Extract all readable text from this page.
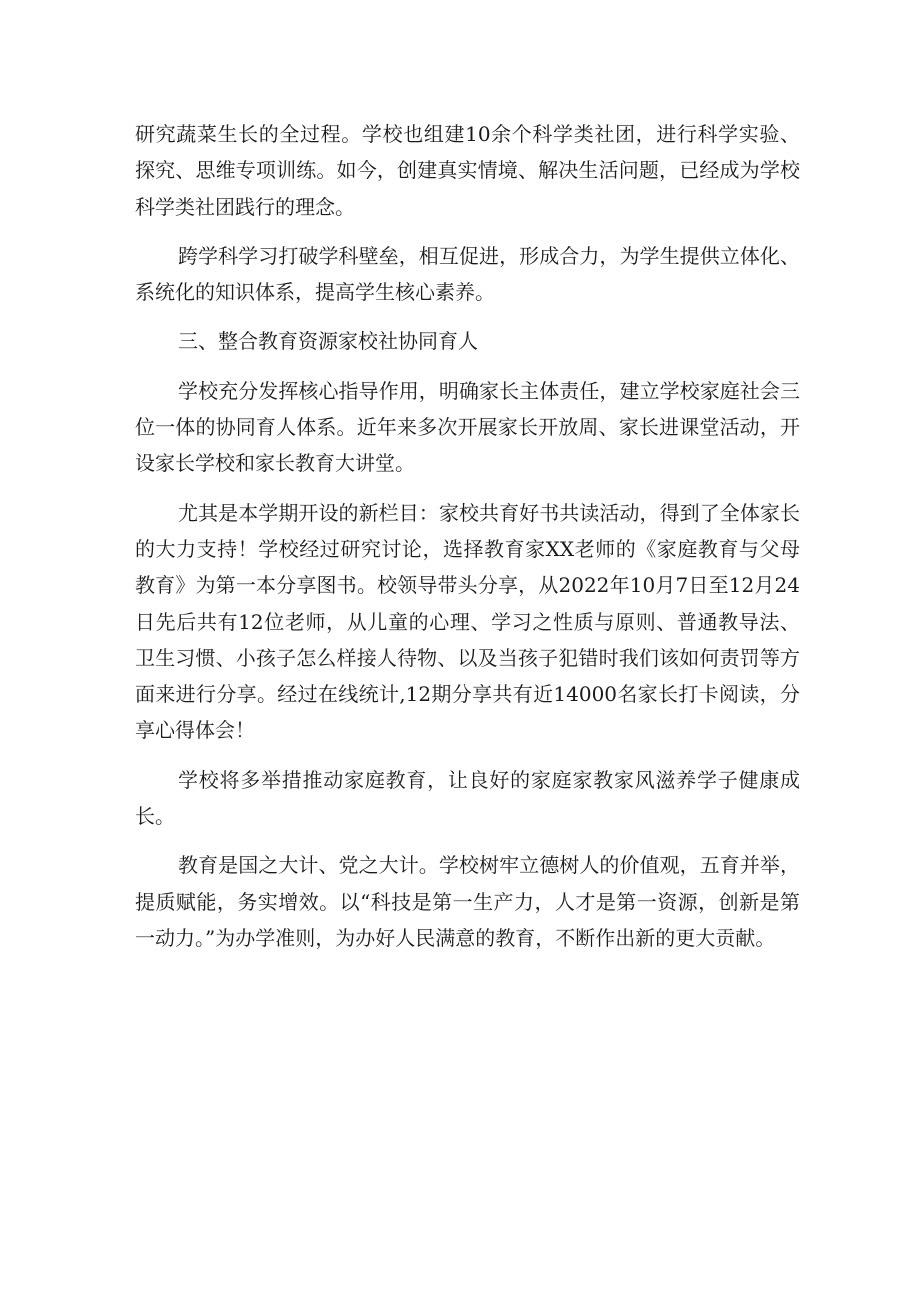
研究蔬菜生长的全过程。学校也组建10余个科学类社团，进行科学实验、探究、思维专项训练。如今，创建真实情境、解决生活问题，已经成为学校科学类社团践行的理念。

跨学科学习打破学科壁垒，相互促进，形成合力，为学生提供立体化、系统化的知识体系，提高学生核心素养。

三、整合教育资源家校社协同育人

学校充分发挥核心指导作用，明确家长主体责任，建立学校家庭社会三位一体的协同育人体系。近年来多次开展家长开放周、家长进课堂活动，开设家长学校和家长教育大讲堂。

尤其是本学期开设的新栏目：家校共育好书共读活动，得到了全体家长的大力支持！学校经过研究讨论，选择教育家XX老师的《家庭教育与父母教育》为第一本分享图书。校领导带头分享，从2022年10月7日至12月24日先后共有12位老师，从儿童的心理、学习之性质与原则、普通教导法、卫生习惯、小孩子怎么样接人待物、以及当孩子犯错时我们该如何责罚等方面来进行分享。经过在线统计,12期分享共有近14000名家长打卡阅读，分享心得体会！

学校将多举措推动家庭教育，让良好的家庭家教家风滋养学子健康成长。

教育是国之大计、党之大计。学校树牢立德树人的价值观，五育并举，提质赋能，务实增效。以“科技是第一生产力，人才是第一资源，创新是第一动力。”为办学准则，为办好人民满意的教育，不断作出新的更大贡献。
